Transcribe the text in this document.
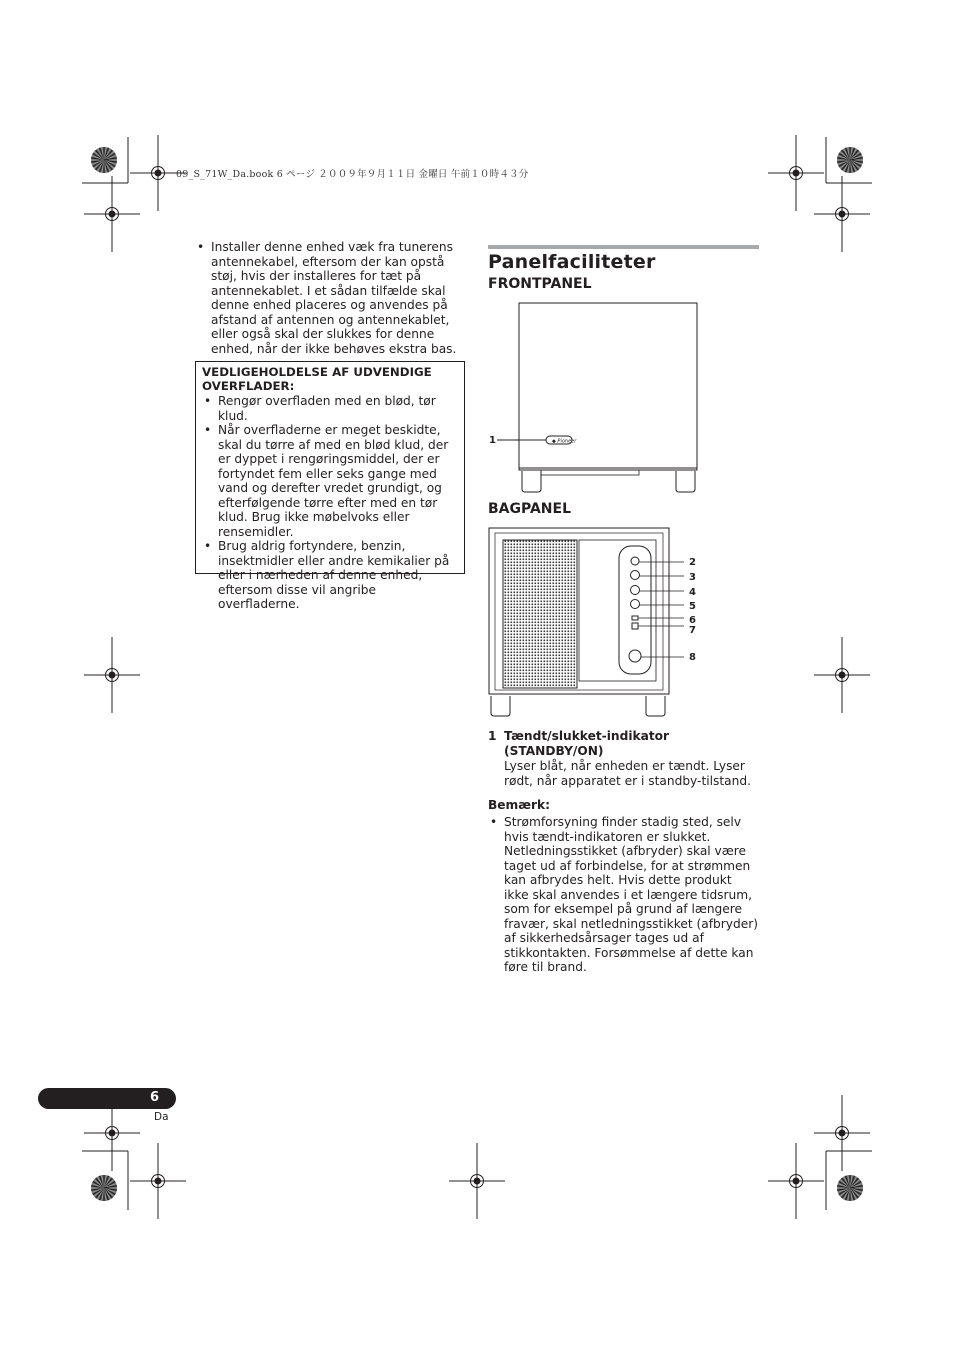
09_S_71W_Da.book 6 ページ ２００９年９月１１日 金曜日 午前１０時４３分
• Installer denne enhed væk fra tunerens antennekabel, eftersom der kan opstå støj, hvis der installeres for tæt på antennekablet. I et sådan tilfælde skal denne enhed placeres og anvendes på afstand af antennen og antennekablet, eller også skal der slukkes for denne enhed, når der ikke behøves ekstra bas.
VEDLIGEHOLDELSE AF UDVENDIGE OVERFLADER:
• Rengør overfladen med en blød, tør klud.
• Når overfladerne er meget beskidte, skal du tørre af med en blød klud, der er dyppet i rengøringsmiddel, der er fortyndet fem eller seks gange med vand og derefter vredet grundigt, og efterfølgende tørre efter med en tør klud. Brug ikke møbelvoks eller rensemidler.
• Brug aldrig fortyndere, benzin, insektmidler eller andre kemikalier på eller i nærheden af denne enhed, eftersom disse vil angribe overfladerne.
Panelfaciliteter
FRONTPANEL
◆ Pioneer
1
BAGPANEL
2
3
4
5
6
7
8
1 Tændt/slukket-indikator (STANDBY/ON)
Lyser blåt, når enheden er tændt. Lyser rødt, når apparatet er i standby-tilstand.
Bemærk:
• Strømforsyning finder stadig sted, selv hvis tændt-indikatoren er slukket. Netledningsstikket (afbryder) skal være taget ud af forbindelse, for at strømmen kan afbrydes helt. Hvis dette produkt ikke skal anvendes i et længere tidsrum, som for eksempel på grund af længere fravær, skal netledningsstikket (afbryder) af sikkerhedsårsager tages ud af stikkontakten. Forsømmelse af dette kan føre til brand.
6
Da
